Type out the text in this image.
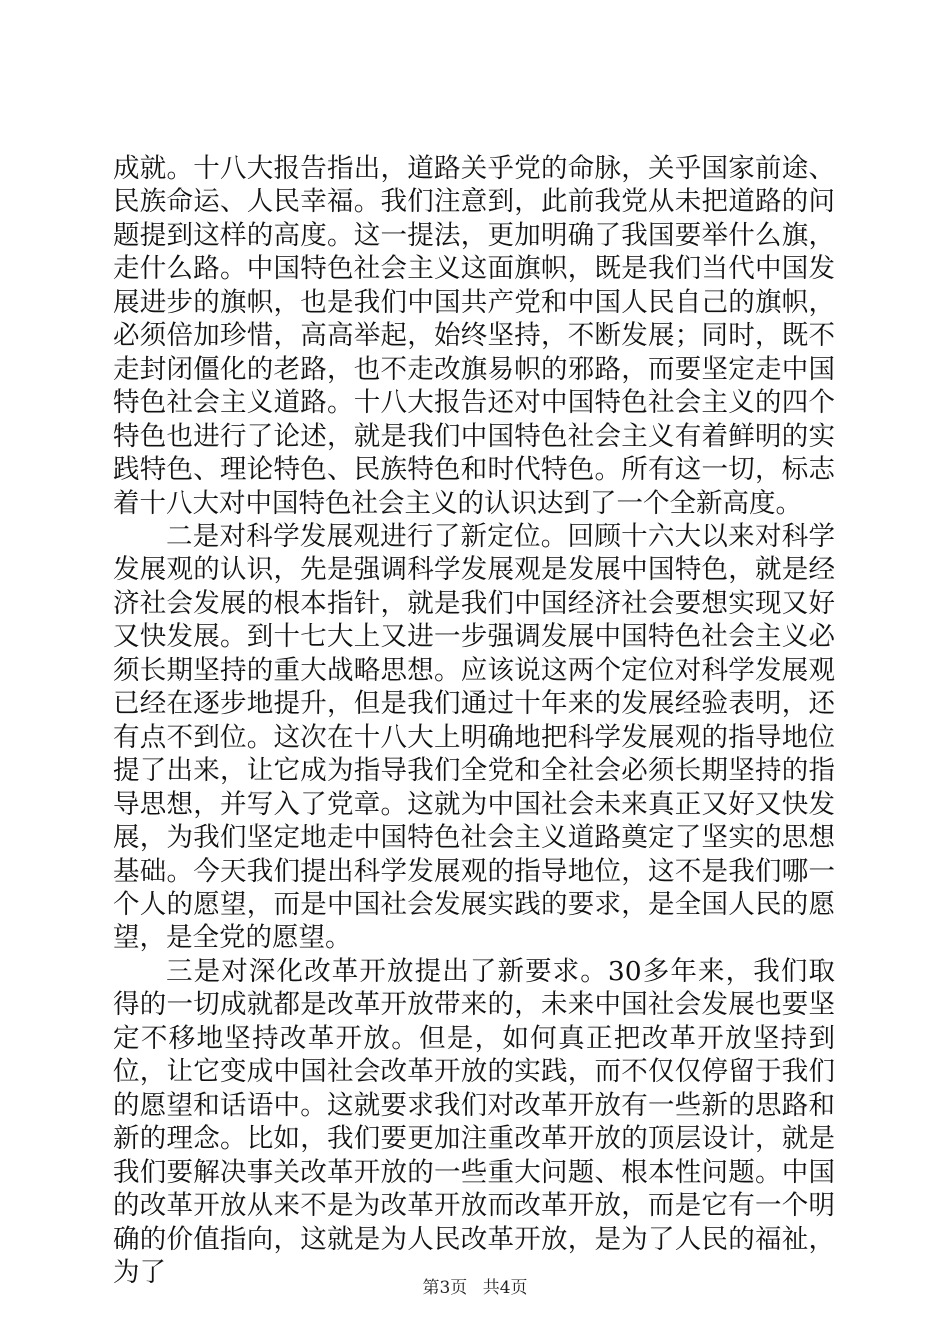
成就。十八大报告指出，道路关乎党的命脉，关乎国家前途、民族命运、人民幸福。我们注意到，此前我党从未把道路的问题提到这样的高度。这一提法，更加明确了我国要举什么旗，走什么路。中国特色社会主义这面旗帜，既是我们当代中国发展进步的旗帜，也是我们中国共产党和中国人民自己的旗帜，必须倍加珍惜，高高举起，始终坚持，不断发展；同时，既不走封闭僵化的老路，也不走改旗易帜的邪路，而要坚定走中国特色社会主义道路。十八大报告还对中国特色社会主义的四个特色也进行了论述，就是我们中国特色社会主义有着鲜明的实践特色、理论特色、民族特色和时代特色。所有这一切，标志着十八大对中国特色社会主义的认识达到了一个全新高度。

二是对科学发展观进行了新定位。回顾十六大以来对科学发展观的认识，先是强调科学发展观是发展中国特色，就是经济社会发展的根本指针，就是我们中国经济社会要想实现又好又快发展。到十七大上又进一步强调发展中国特色社会主义必须长期坚持的重大战略思想。应该说这两个定位对科学发展观已经在逐步地提升，但是我们通过十年来的发展经验表明，还有点不到位。这次在十八大上明确地把科学发展观的指导地位提了出来，让它成为指导我们全党和全社会必须长期坚持的指导思想，并写入了党章。这就为中国社会未来真正又好又快发展，为我们坚定地走中国特色社会主义道路奠定了坚实的思想基础。今天我们提出科学发展观的指导地位，这不是我们哪一个人的愿望，而是中国社会发展实践的要求，是全国人民的愿望，是全党的愿望。

三是对深化改革开放提出了新要求。30多年来，我们取得的一切成就都是改革开放带来的，未来中国社会发展也要坚定不移地坚持改革开放。但是，如何真正把改革开放坚持到位，让它变成中国社会改革开放的实践，而不仅仅停留于我们的愿望和话语中。这就要求我们对改革开放有一些新的思路和新的理念。比如，我们要更加注重改革开放的顶层设计，就是我们要解决事关改革开放的一些重大问题、根本性问题。中国的改革开放从来不是为改革开放而改革开放，而是它有一个明确的价值指向，这就是为人民改革开放，是为了人民的福祉，为了

第3页 共4页
